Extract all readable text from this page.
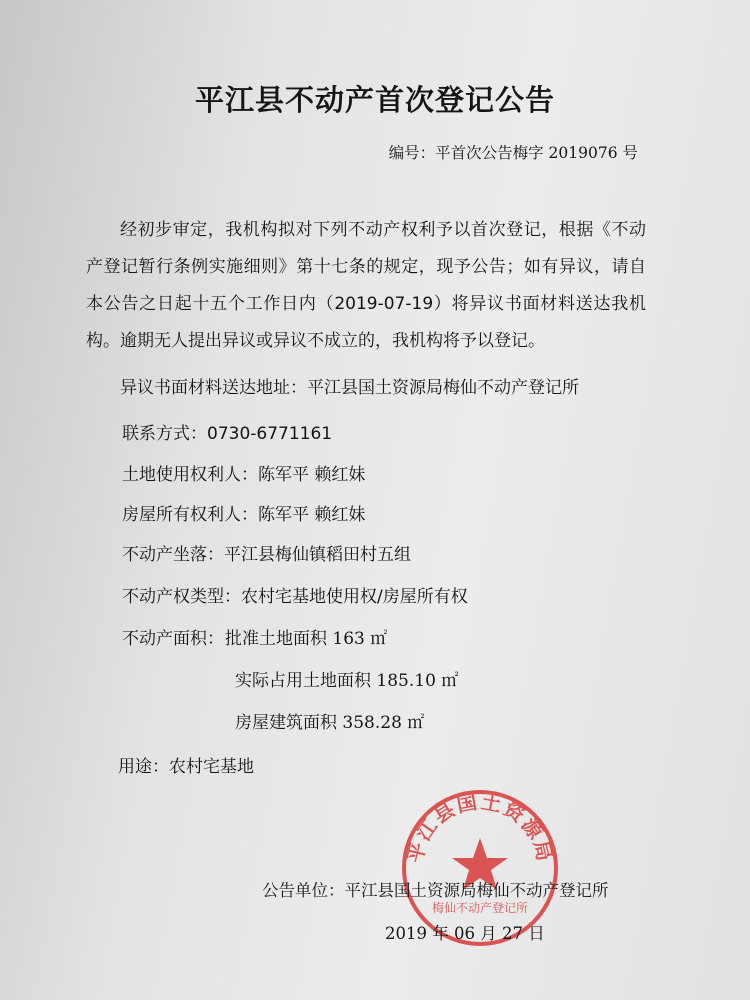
平江县不动产首次登记公告
编号：平首次公告梅字 2019076 号
经初步审定，我机构拟对下列不动产权利予以首次登记，根据《不动产登记暂行条例实施细则》第十七条的规定，现予公告；如有异议，请自本公告之日起十五个工作日内（2019-07-19）将异议书面材料送达我机构。逾期无人提出异议或异议不成立的，我机构将予以登记。
异议书面材料送达地址：平江县国土资源局梅仙不动产登记所
联系方式：0730-6771161
土地使用权利人：陈军平 赖红妹
房屋所有权利人：陈军平 赖红妹
不动产坐落：平江县梅仙镇稻田村五组
不动产权类型：农村宅基地使用权/房屋所有权
不动产面积： 批准土地面积 163 ㎡
实际占用土地面积 185.10 ㎡
房屋建筑面积 358.28 ㎡
用途：农村宅基地
平江县国土资源局
梅仙不动产登记所
公告单位：平江县国土资源局梅仙不动产登记所
2019 年 06 月 27 日
